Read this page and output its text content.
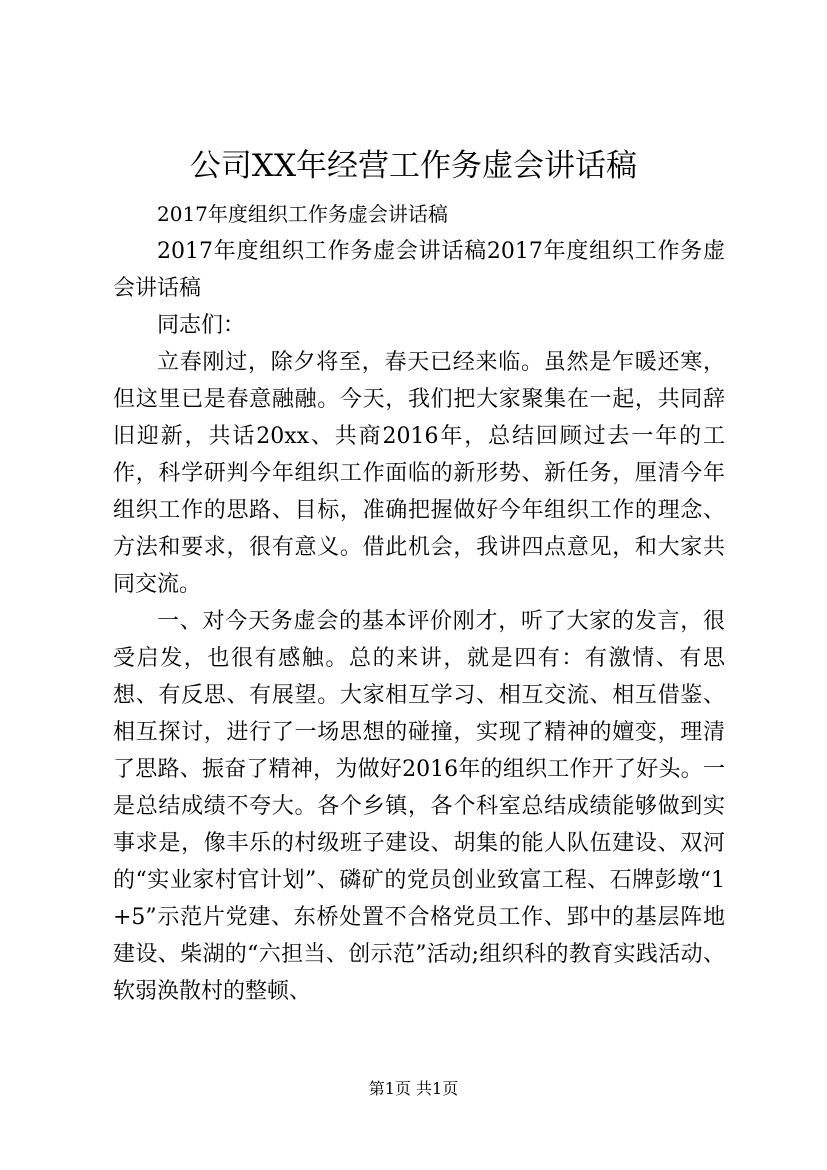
公司XX年经营工作务虚会讲话稿

2017年度组织工作务虚会讲话稿

2017年度组织工作务虚会讲话稿2017年度组织工作务虚会讲话稿

同志们：

立春刚过，除夕将至，春天已经来临。虽然是乍暖还寒，但这里已是春意融融。今天，我们把大家聚集在一起，共同辞旧迎新，共话20xx、共商2016年，总结回顾过去一年的工作，科学研判今年组织工作面临的新形势、新任务，厘清今年组织工作的思路、目标，准确把握做好今年组织工作的理念、方法和要求，很有意义。借此机会，我讲四点意见，和大家共同交流。

一、对今天务虚会的基本评价刚才，听了大家的发言，很受启发，也很有感触。总的来讲，就是四有：有激情、有思想、有反思、有展望。大家相互学习、相互交流、相互借鉴、相互探讨，进行了一场思想的碰撞，实现了精神的嬗变，理清了思路、振奋了精神，为做好2016年的组织工作开了好头。一是总结成绩不夸大。各个乡镇，各个科室总结成绩能够做到实事求是，像丰乐的村级班子建设、胡集的能人队伍建设、双河的“实业家村官计划”、磷矿的党员创业致富工程、石牌彭墩“1+5”示范片党建、东桥处置不合格党员工作、郢中的基层阵地建设、柴湖的“六担当、创示范”活动;组织科的教育实践活动、软弱涣散村的整顿、

第1页 共1页
